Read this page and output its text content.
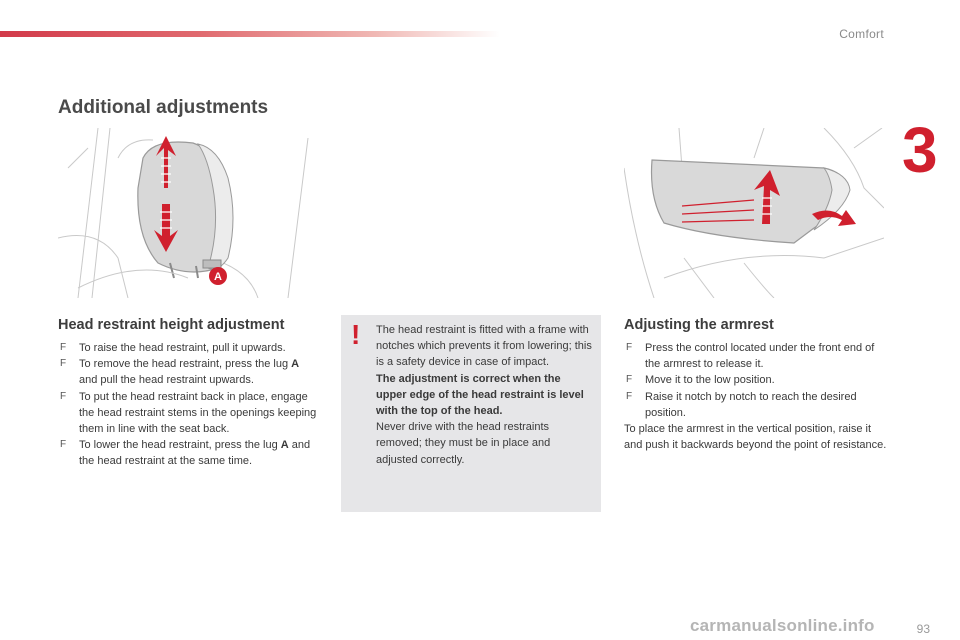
Comfort
3
Additional adjustments
A
Head restraint height adjustment
F To raise the head restraint, pull it upwards.
F To remove the head restraint, press the lug A and pull the head restraint upwards.
F To put the head restraint back in place, engage the head restraint stems in the openings keeping them in line with the seat back.
F To lower the head restraint, press the lug A and the head restraint at the same time.
! The head restraint is fitted with a frame with notches which prevents it from lowering; this is a safety device in case of impact.

The adjustment is correct when the upper edge of the head restraint is level with the top of the head.

Never drive with the head restraints removed; they must be in place and adjusted correctly.

Adjusting the armrest
F Press the control located under the front end of the armrest to release it.
F Move it to the low position.
F Raise it notch by notch to reach the desired position.

To place the armrest in the vertical position, raise it and push it backwards beyond the point of resistance.

carmanualsonline.info	93
